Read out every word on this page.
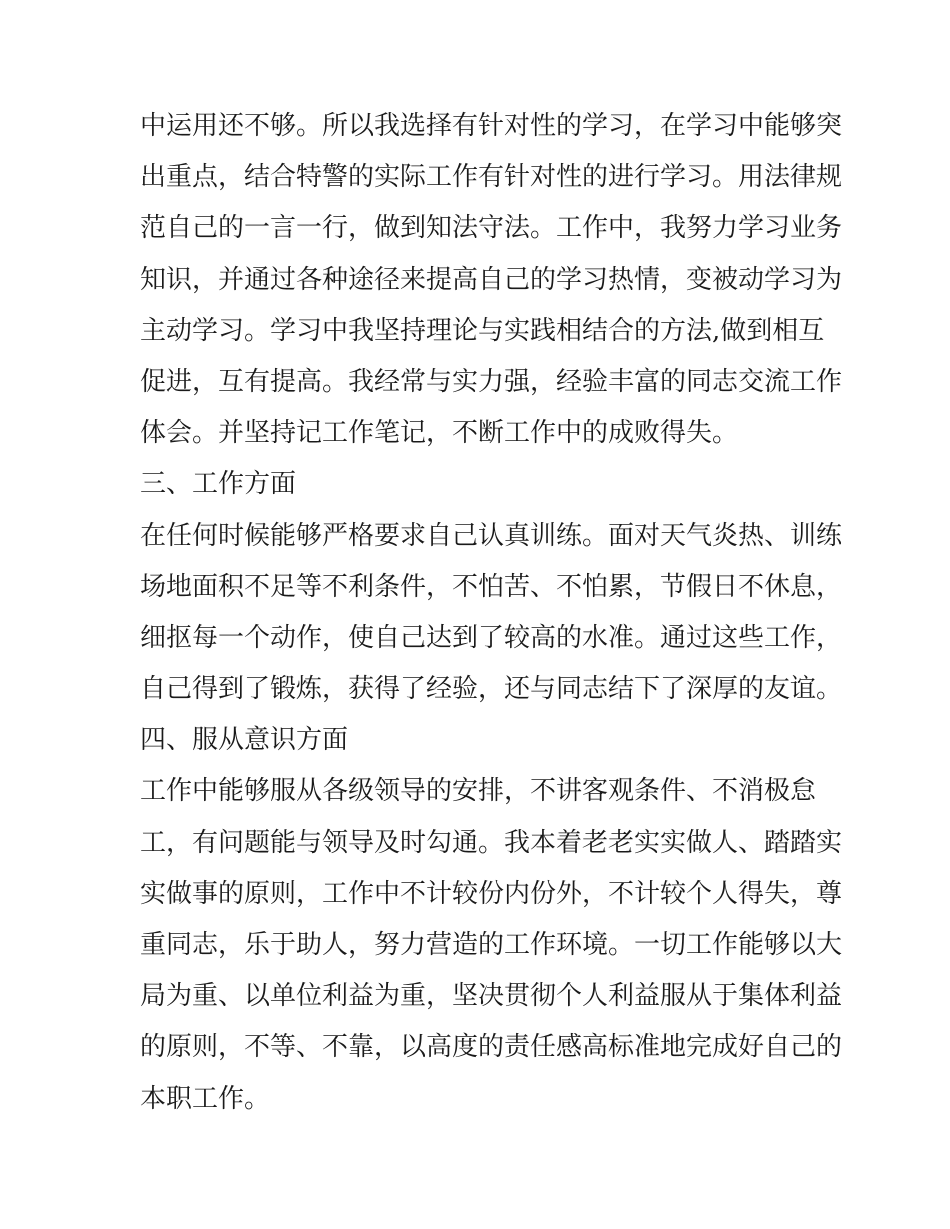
中运用还不够。所以我选择有针对性的学习，在学习中能够突

出重点，结合特警的实际工作有针对性的进行学习。用法律规

范自己的一言一行，做到知法守法。工作中，我努力学习业务

知识，并通过各种途径来提高自己的学习热情，变被动学习为

主动学习。学习中我坚持理论与实践相结合的方法,做到相互

促进，互有提高。我经常与实力强，经验丰富的同志交流工作

体会。并坚持记工作笔记，不断工作中的成败得失。

三、工作方面

在任何时候能够严格要求自己认真训练。面对天气炎热、训练

场地面积不足等不利条件，不怕苦、不怕累，节假日不休息，

细抠每一个动作，使自己达到了较高的水准。通过这些工作，

自己得到了锻炼，获得了经验，还与同志结下了深厚的友谊。

四、服从意识方面

工作中能够服从各级领导的安排，不讲客观条件、不消极怠

工，有问题能与领导及时勾通。我本着老老实实做人、踏踏实

实做事的原则，工作中不计较份内份外，不计较个人得失，尊

重同志，乐于助人，努力营造的工作环境。一切工作能够以大

局为重、以单位利益为重，坚决贯彻个人利益服从于集体利益

的原则，不等、不靠，以高度的责任感高标准地完成好自己的

本职工作。
